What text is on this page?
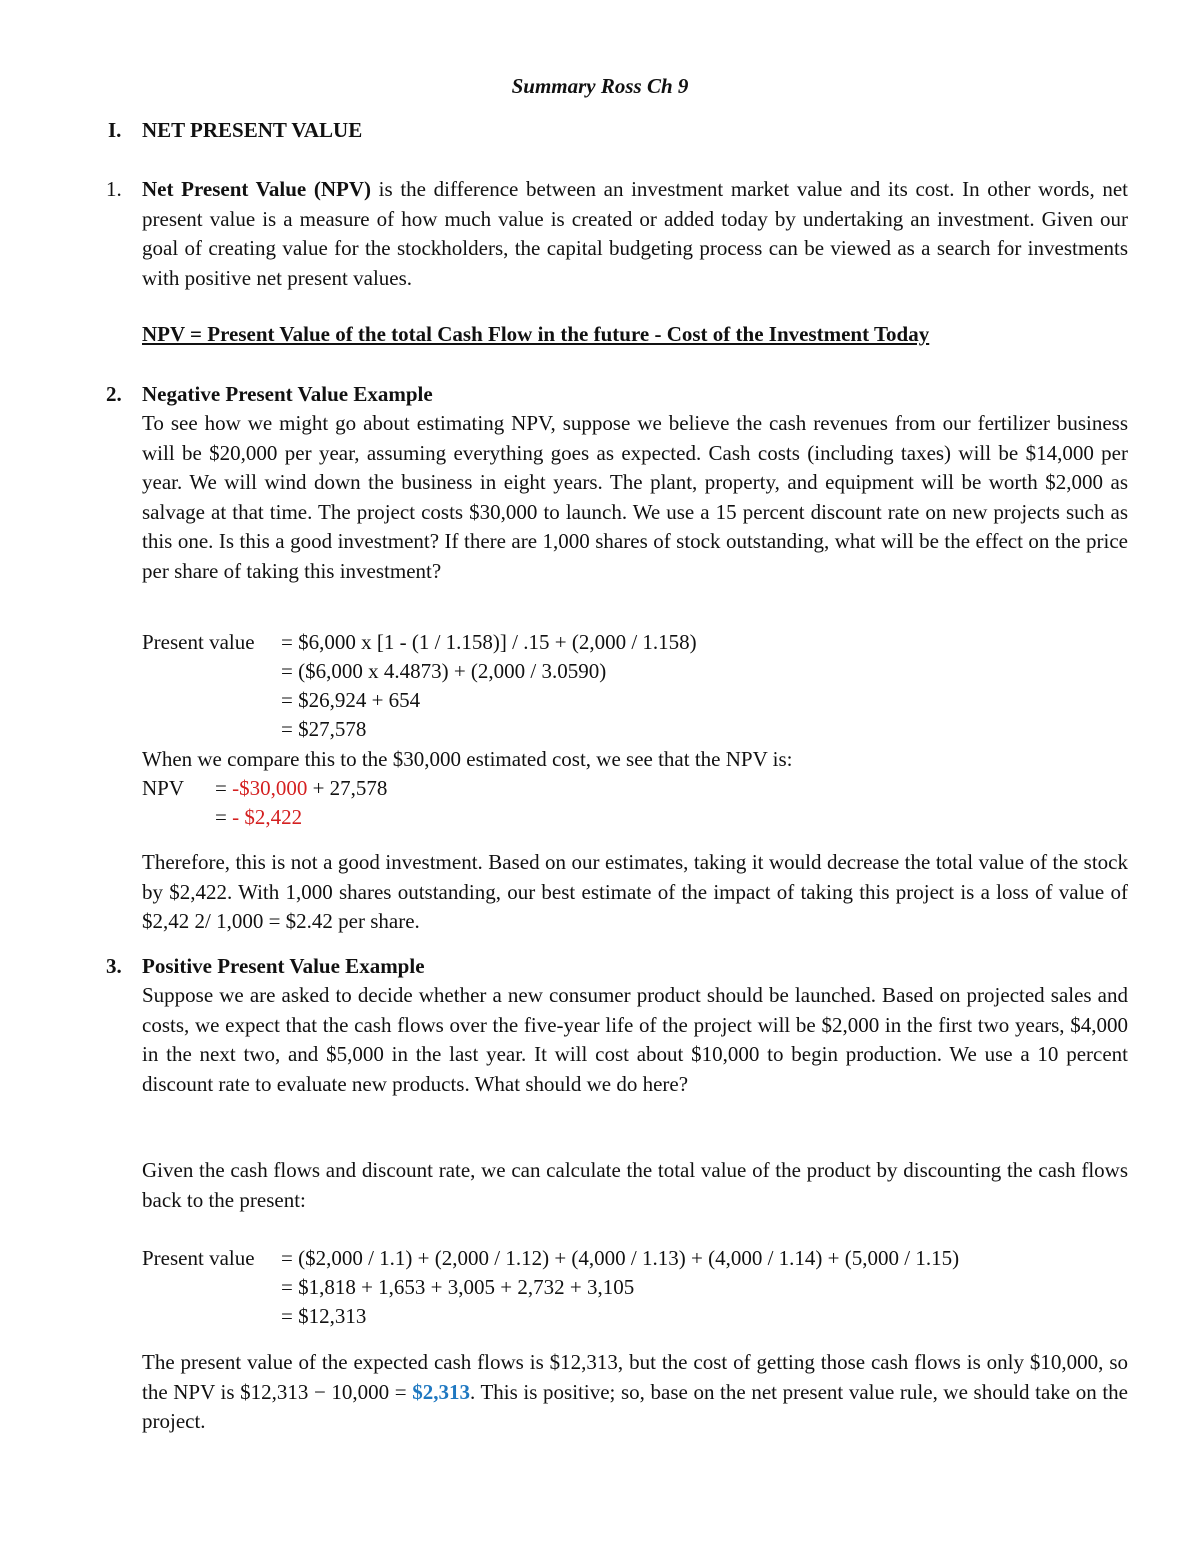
Summary Ross Ch 9
I. NET PRESENT VALUE
1. Net Present Value (NPV) is the difference between an investment market value and its cost. In other words, net present value is a measure of how much value is created or added today by undertaking an investment. Given our goal of creating value for the stockholders, the capital budgeting process can be viewed as a search for investments with positive net present values.
NPV = Present Value of the total Cash Flow in the future - Cost of the Investment Today
2. Negative Present Value Example
To see how we might go about estimating NPV, suppose we believe the cash revenues from our fertilizer business will be $20,000 per year, assuming everything goes as expected. Cash costs (including taxes) will be $14,000 per year. We will wind down the business in eight years. The plant, property, and equipment will be worth $2,000 as salvage at that time. The project costs $30,000 to launch. We use a 15 percent discount rate on new projects such as this one. Is this a good investment? If there are 1,000 shares of stock outstanding, what will be the effect on the price per share of taking this investment?
Present value = $6,000 x [1 - (1 / 1.158)] / .15 + (2,000 / 1.158)
= ($6,000 x 4.4873) + (2,000 / 3.0590)
= $26,924 + 654
= $27,578
When we compare this to the $30,000 estimated cost, we see that the NPV is:
NPV = -$30,000 + 27,578
= - $2,422
Therefore, this is not a good investment. Based on our estimates, taking it would decrease the total value of the stock by $2,422. With 1,000 shares outstanding, our best estimate of the impact of taking this project is a loss of value of $2,42 2/ 1,000 = $2.42 per share.
3. Positive Present Value Example
Suppose we are asked to decide whether a new consumer product should be launched. Based on projected sales and costs, we expect that the cash flows over the five-year life of the project will be $2,000 in the first two years, $4,000 in the next two, and $5,000 in the last year. It will cost about $10,000 to begin production. We use a 10 percent discount rate to evaluate new products. What should we do here?
Given the cash flows and discount rate, we can calculate the total value of the product by discounting the cash flows back to the present:
Present value = ($2,000 / 1.1) + (2,000 / 1.12) + (4,000 / 1.13) + (4,000 / 1.14) + (5,000 / 1.15)
= $1,818 + 1,653 + 3,005 + 2,732 + 3,105
= $12,313
The present value of the expected cash flows is $12,313, but the cost of getting those cash flows is only $10,000, so the NPV is $12,313 − 10,000 = $2,313. This is positive; so, base on the net present value rule, we should take on the project.
